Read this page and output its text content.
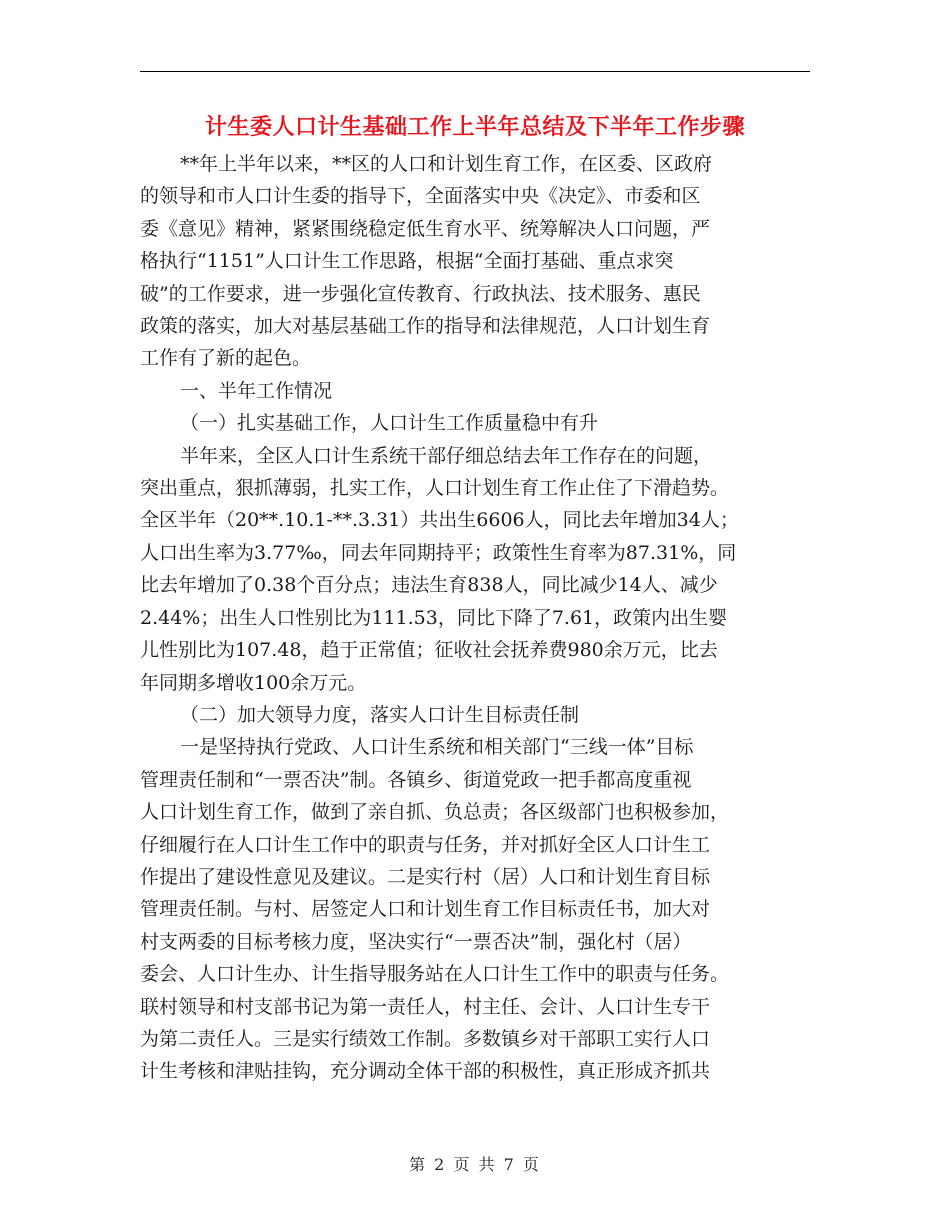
计生委人口计生基础工作上半年总结及下半年工作步骤

**年上半年以来，**区的人口和计划生育工作，在区委、区政府

的领导和市人口计生委的指导下，全面落实中央《决定》、市委和区

委《意见》精神，紧紧围绕稳定低生育水平、统筹解决人口问题，严

格执行“1151”人口计生工作思路，根据“全面打基础、重点求突

破”的工作要求，进一步强化宣传教育、行政执法、技术服务、惠民

政策的落实，加大对基层基础工作的指导和法律规范，人口计划生育

工作有了新的起色。

一、半年工作情况

（一）扎实基础工作，人口计生工作质量稳中有升

半年来，全区人口计生系统干部仔细总结去年工作存在的问题，

突出重点，狠抓薄弱，扎实工作，人口计划生育工作止住了下滑趋势。

全区半年（20**.10.1-**.3.31）共出生6606人，同比去年增加34人；

人口出生率为3.77‰，同去年同期持平；政策性生育率为87.31%，同

比去年增加了0.38个百分点；违法生育838人，同比减少14人、减少

2.44%；出生人口性别比为111.53，同比下降了7.61，政策内出生婴

儿性别比为107.48，趋于正常值；征收社会抚养费980余万元，比去

年同期多增收100余万元。

（二）加大领导力度，落实人口计生目标责任制

一是坚持执行党政、人口计生系统和相关部门“三线一体”目标

管理责任制和“一票否决”制。各镇乡、街道党政一把手都高度重视

人口计划生育工作，做到了亲自抓、负总责；各区级部门也积极参加，

仔细履行在人口计生工作中的职责与任务，并对抓好全区人口计生工

作提出了建设性意见及建议。二是实行村（居）人口和计划生育目标

管理责任制。与村、居签定人口和计划生育工作目标责任书，加大对

村支两委的目标考核力度，坚决实行“一票否决”制，强化村（居）

委会、人口计生办、计生指导服务站在人口计生工作中的职责与任务。

联村领导和村支部书记为第一责任人，村主任、会计、人口计生专干

为第二责任人。三是实行绩效工作制。多数镇乡对干部职工实行人口

计生考核和津贴挂钩，充分调动全体干部的积极性，真正形成齐抓共

第 2 页 共 7 页
